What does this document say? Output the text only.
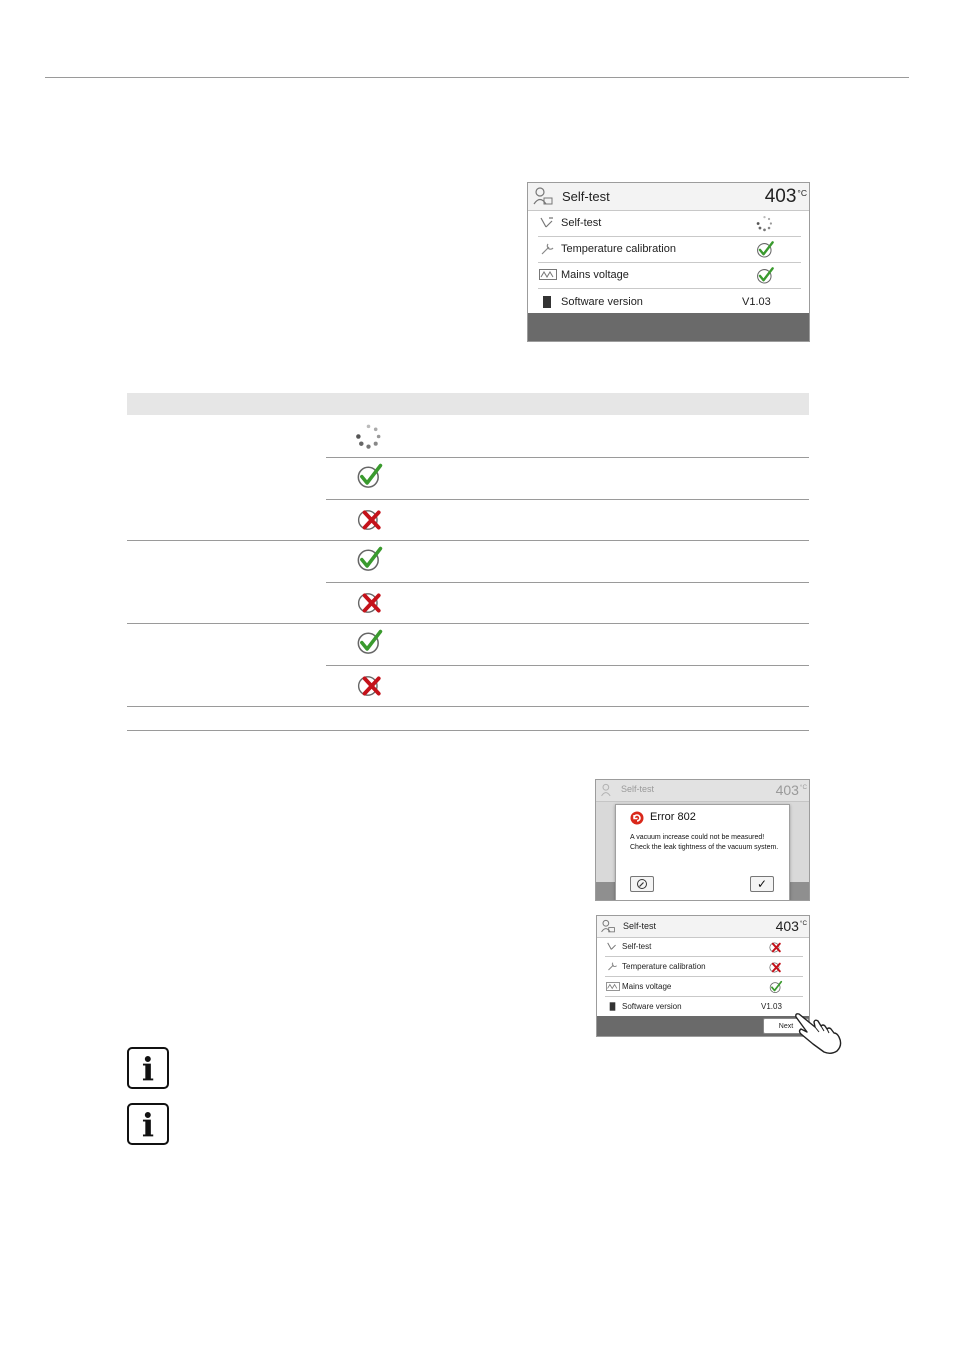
Self-test	$403^{^\circ C}$
Self-test
Temperature calibration
Mains voltage
Software version	V1.03
Self-test	$403^{^\circ C}$
Error 802
A vacuum increase could not be measured! Check the leak tightness of the vacuum system.
✓
Self-test	$403^{^\circ C}$
Self-test
Temperature calibration
Mains voltage
Software version	V1.03
Next
i
i
